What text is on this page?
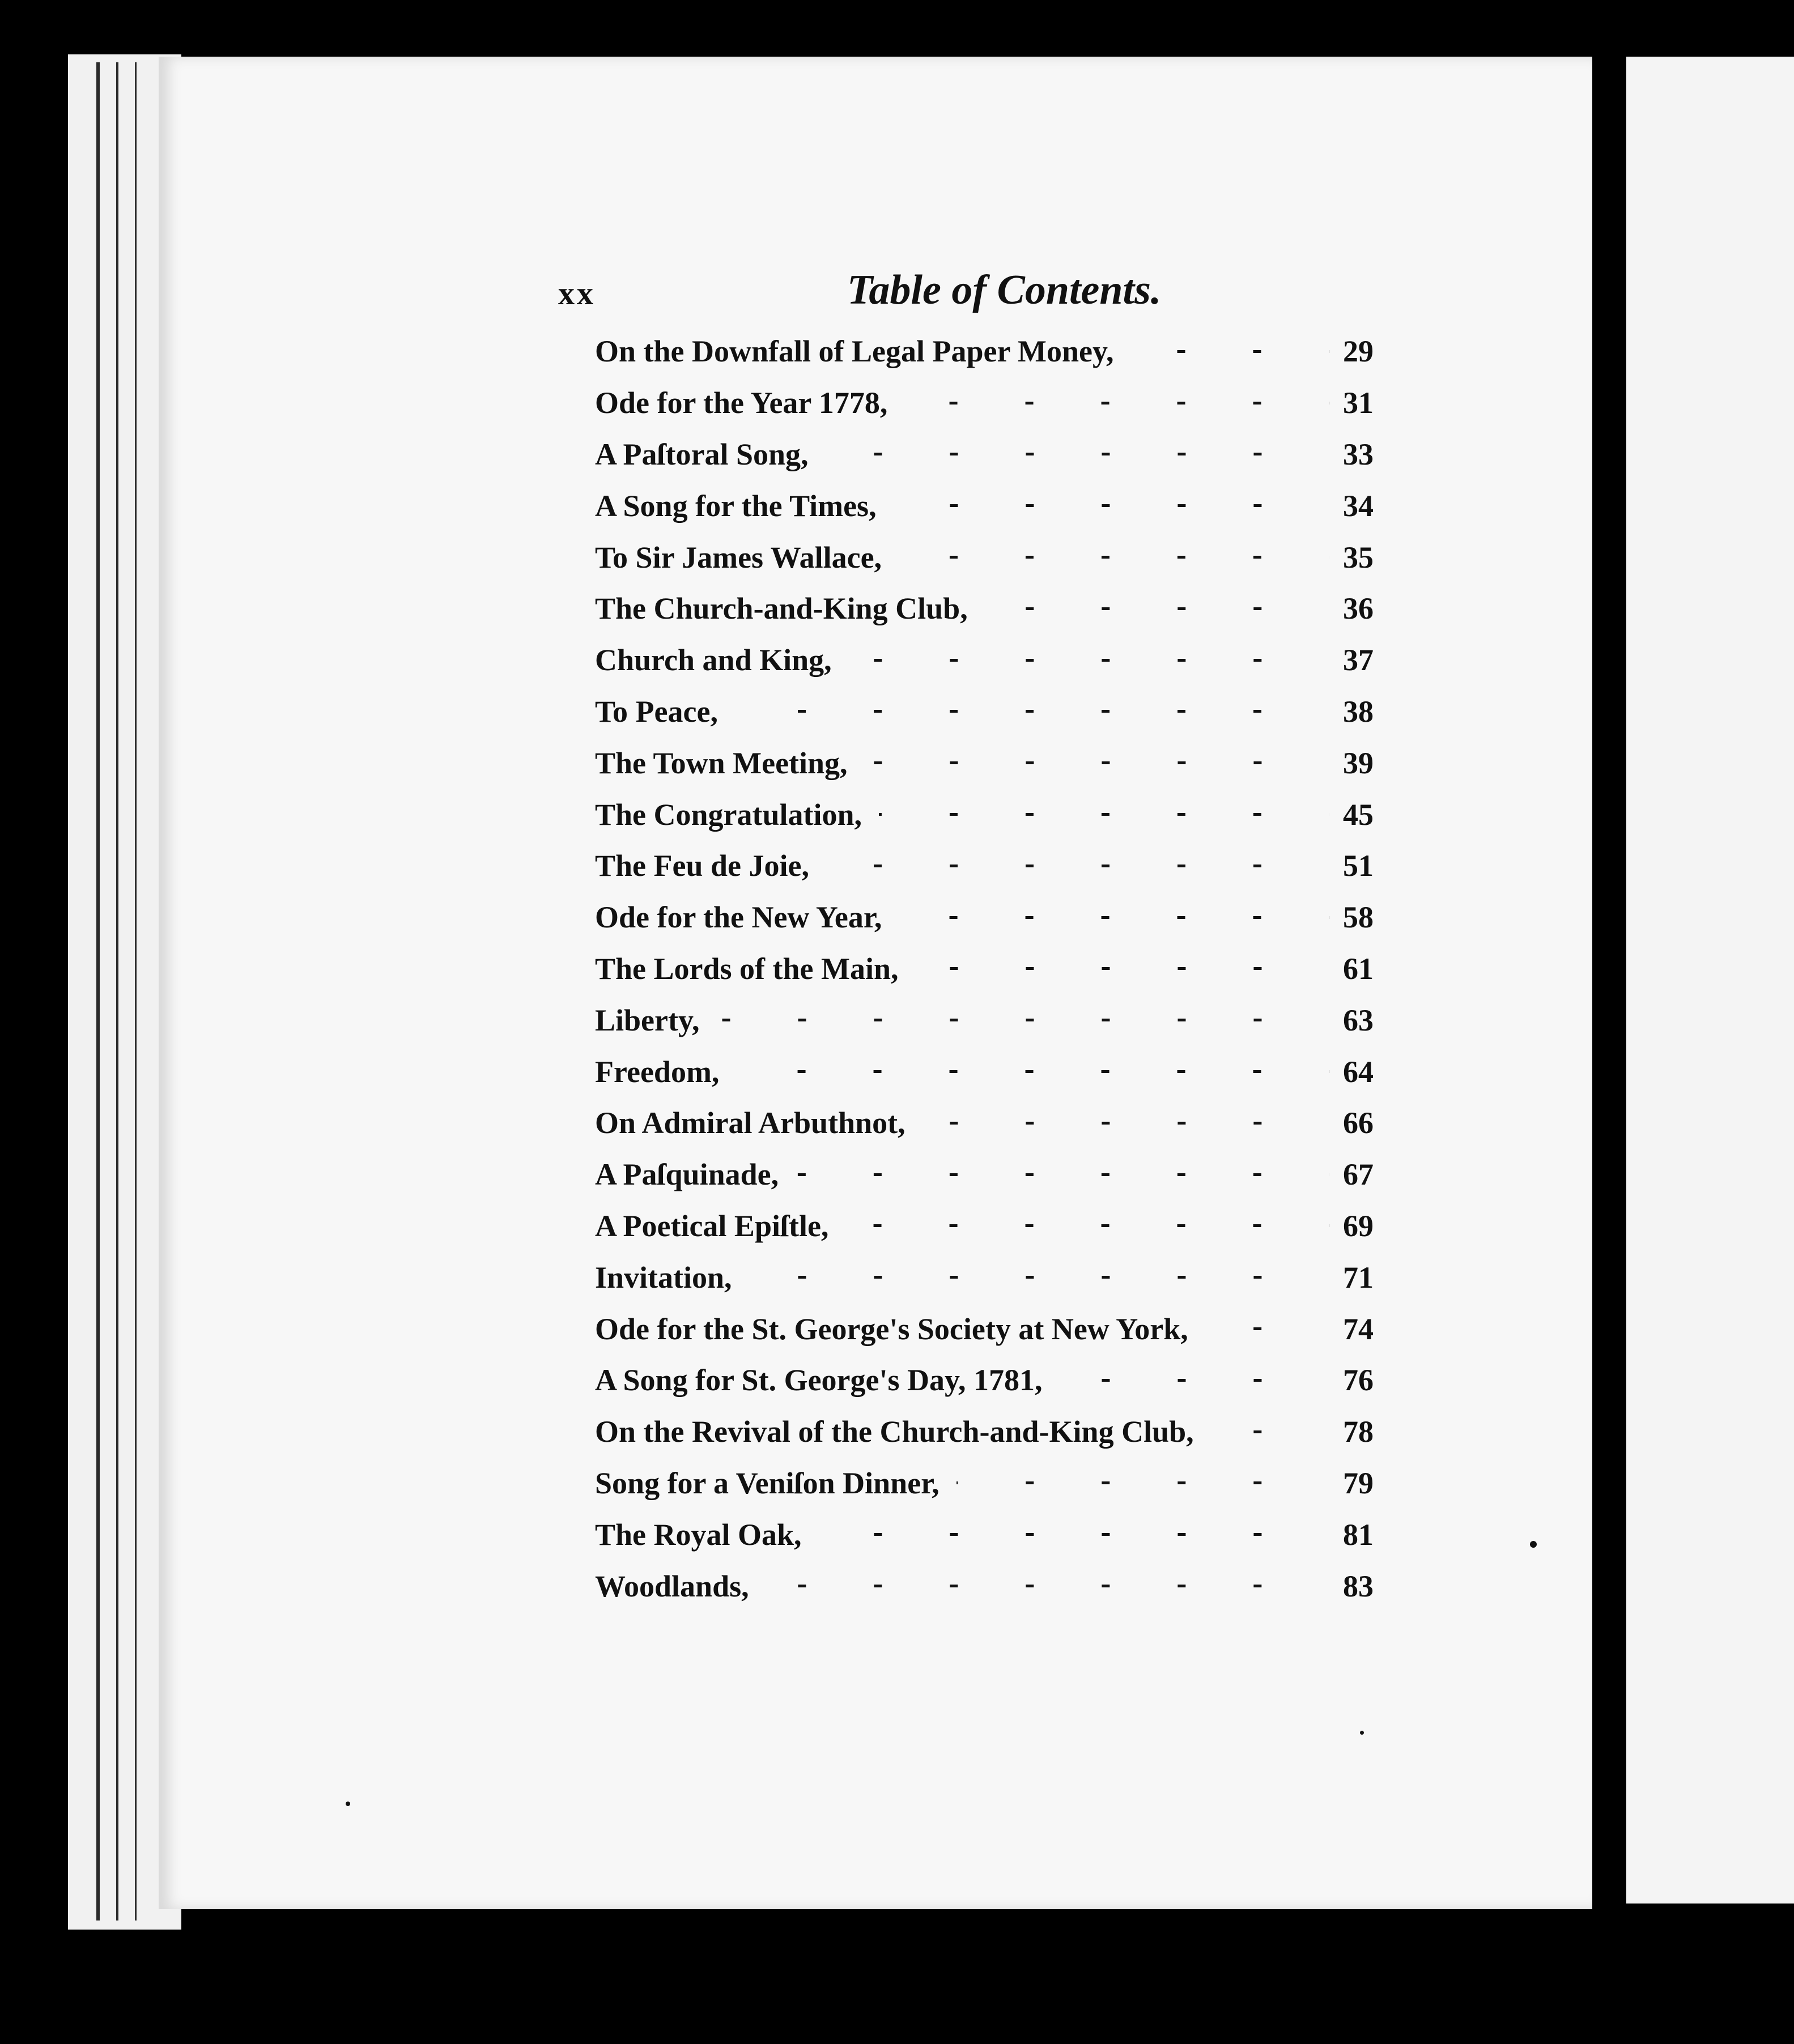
xx	Table of Contents.
On the Downfall of Legal Paper Money,	29
Ode for the Year 1778,	31
A Paſtoral Song,	33
A Song for the Times,	34
To Sir James Wallace,	35
The Church-and-King Club,	36
Church and King,	37
To Peace,	38
The Town Meeting,	39
The Congratulation,	45
The Feu de Joie,	51
Ode for the New Year,	58
The Lords of the Main,	61
Liberty,	63
Freedom,	64
On Admiral Arbuthnot,	66
A Paſquinade,	67
A Poetical Epiſtle,	69
Invitation,	71
Ode for the St. George's Society at New York,	74
A Song for St. George's Day, 1781,	76
On the Revival of the Church-and-King Club,	78
Song for a Veniſon Dinner,	79
The Royal Oak,	81
Woodlands,	83
